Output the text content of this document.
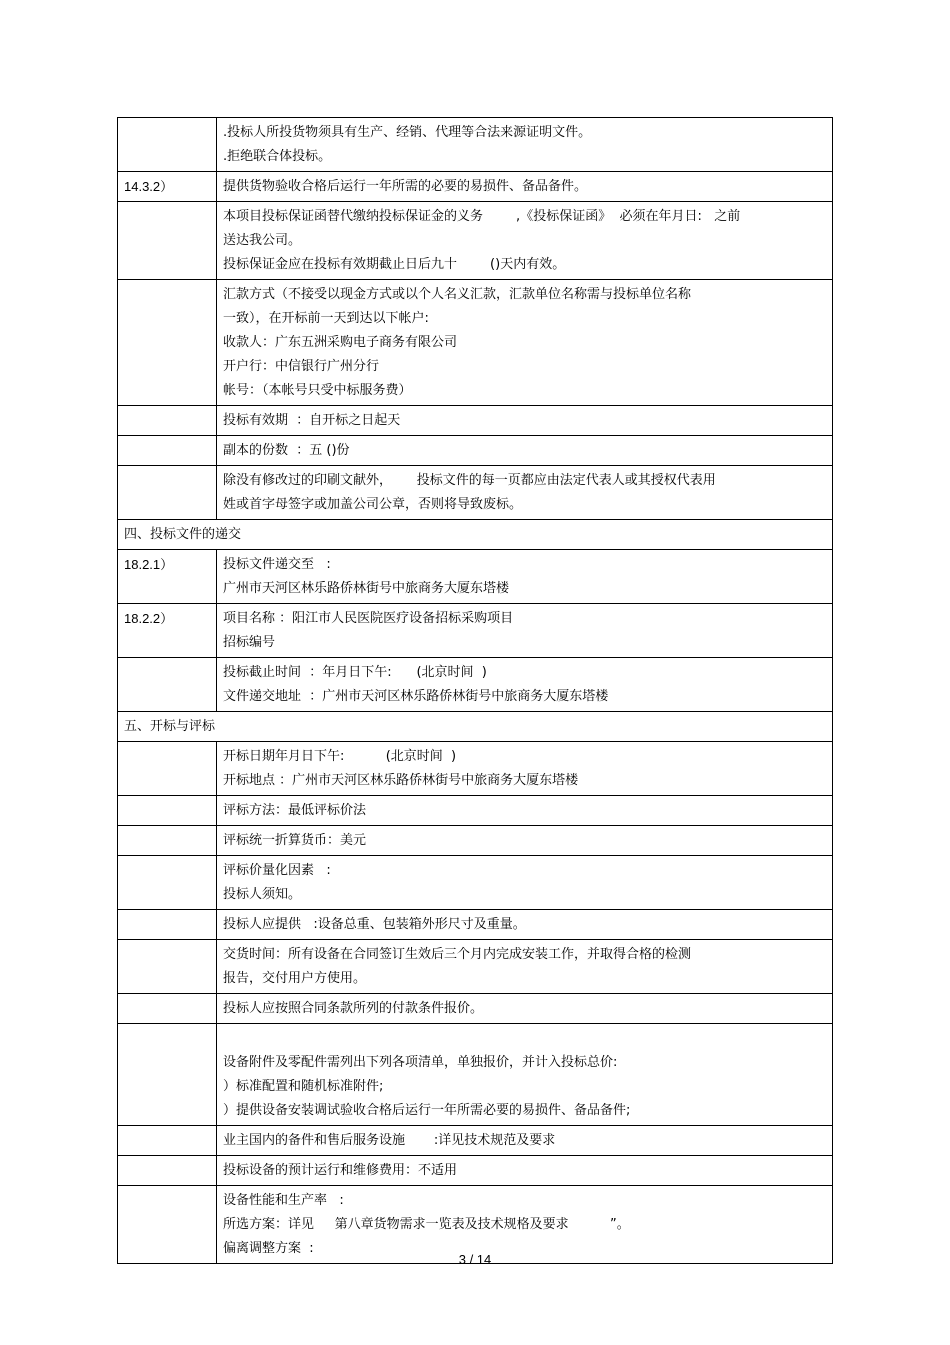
	.投标人所投货物须具有生产、经销、代理等合法来源证明文件。
.拒绝联合体投标。

14.3.2）	提供货物验收合格后运行一年所需的必要的易损件、备品备件。

	本项目投标保证函替代缴纳投标保证金的义务        ,《投标保证函》  必须在年月日:   之前
送达我公司。
投标保证金应在投标有效期截止日后九十        ()天内有效。

	汇款方式（不接受以现金方式或以个人名义汇款，汇款单位名称需与投标单位名称
一致），在开标前一天到达以下帐户:
收款人：广东五洲采购电子商务有限公司
开户行：中信银行广州分行
帐号：（本帐号只受中标服务费）

	投标有效期  ：自开标之日起天

	副本的份数  ：五 ()份

	除没有修改过的印刷文献外，      投标文件的每一页都应由法定代表人或其授权代表用
姓或首字母签字或加盖公司公章，否则将导致废标。

四、投标文件的递交	
18.2.1）	投标文件递交至   :
广州市天河区林乐路侨林街号中旅商务大厦东塔楼

18.2.2）	项目名称 ：阳江市人民医院医疗设备招标采购项目
招标编号

	投标截止时间  ：年月日下午:      (北京时间  )
文件递交地址  ：广州市天河区林乐路侨林街号中旅商务大厦东塔楼

五、开标与评标	

	开标日期年月日下午:          (北京时间  )
开标地点 ：广州市天河区林乐路侨林街号中旅商务大厦东塔楼

	评标方法：最低评标价法

	评标统一折算货币：美元

	评标价量化因素   :
投标人须知。

	投标人应提供   :设备总重、包装箱外形尺寸及重量。

	交货时间：所有设备在合同签订生效后三个月内完成安装工作，并取得合格的检测
报告，交付用户方使用。

	投标人应按照合同条款所列的付款条件报价。

	设备附件及零配件需列出下列各项清单，单独报价，并计入投标总价:
）标准配置和随机标准附件;
）提供设备安装调试验收合格后运行一年所需必要的易损件、备品备件;

	业主国内的备件和售后服务设施       :详见技术规范及要求

	投标设备的预计运行和维修费用：不适用

	设备性能和生产率   :
所选方案：详见     第八章货物需求一览表及技术规格及要求          ”。
偏离调整方案  :
3 / 14
